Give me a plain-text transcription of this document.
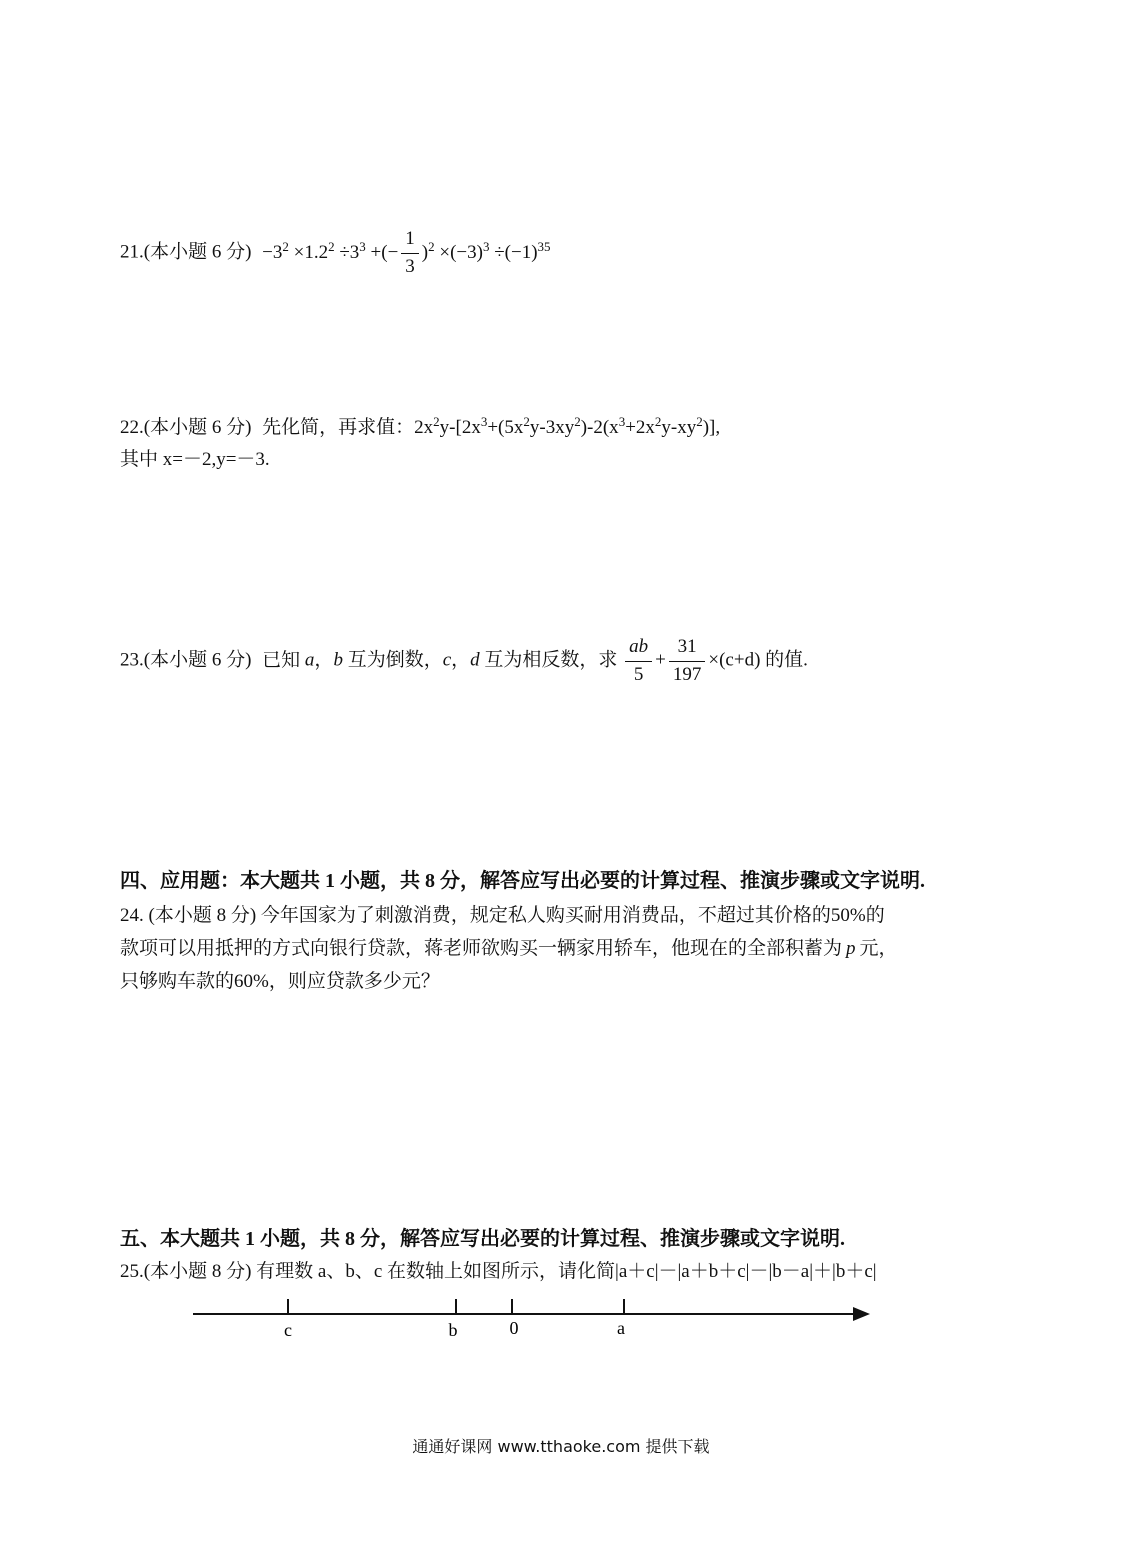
21.(本小题 6 分) $-3^2 \times 1.2^2 \div 3^3$ +(− $\frac{1}{3} )^2 \times(-3)^3 \div(-1)^{35}$
22.(本小题 6 分) 先化简，再求值：$2x^2y-[2x^3+(5x^2y-3xy^2)-2(x^3+2x^2y-xy^2)]$,
其中 x=－2,y=－3.
23.(本小题 6 分) 已知 a，b 互为倒数，c，d 互为相反数，求 $\frac{ab}{5} + \frac{31}{197} \times(c+d)$ 的值.
四、应用题：本大题共 1 小题，共 8 分，解答应写出必要的计算过程、推演步骤或文字说明.
24. (本小题 8 分) 今年国家为了刺激消费，规定私人购买耐用消费品，不超过其价格的50%的
款项可以用抵押的方式向银行贷款，蒋老师欲购买一辆家用轿车，他现在的全部积蓄为 p 元，
只够购车款的60%，则应贷款多少元？
五、本大题共 1 小题，共 8 分，解答应写出必要的计算过程、推演步骤或文字说明.
25.(本小题 8 分) 有理数 a、b、c 在数轴上如图所示，请化简|a＋c|－|a＋b＋c|－|b－a|＋|b＋c|
c	b	0	a
通通好课网 www.tthaoke.com 提供下载
